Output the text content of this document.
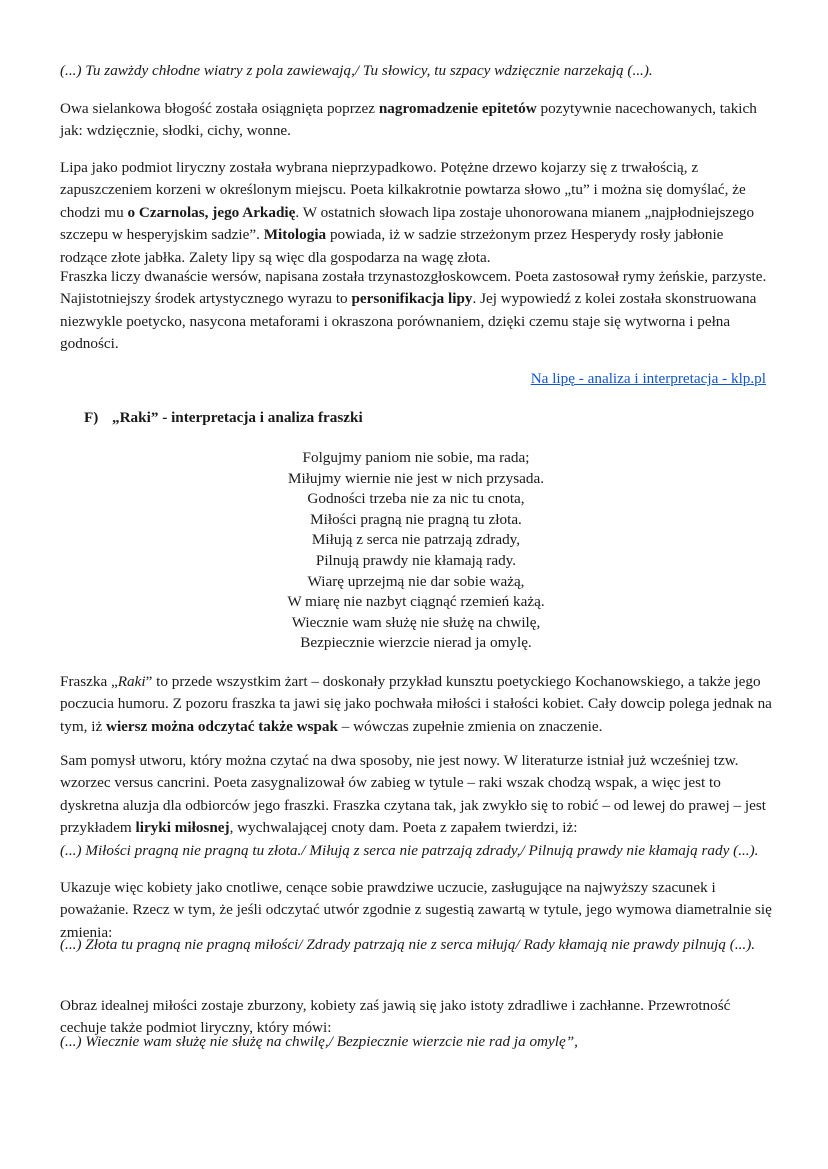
(...) Tu zawżdy chłodne wiatry z pola zawiewają,/ Tu słowicy, tu szpacy wdzięcznie narzekają (...).

Owa sielankowa błogość została osiągnięta poprzez nagromadzenie epitetów pozytywnie nacechowanych, takich jak: wdzięcznie, słodki, cichy, wonne.

Lipa jako podmiot liryczny została wybrana nieprzypadkowo. Potężne drzewo kojarzy się z trwałością, z zapuszczeniem korzeni w określonym miejscu. Poeta kilkakrotnie powtarza słowo „tu” i można się domyślać, że chodzi mu o Czarnolas, jego Arkadię. W ostatnich słowach lipa zostaje uhonorowana mianem „najpłodniejszego szczepu w hesperyjskim sadzie”. Mitologia powiada, iż w sadzie strzeżonym przez Hesperydy rosły jabłonie rodzące złote jabłka. Zalety lipy są więc dla gospodarza na wagę złota.

Fraszka liczy dwanaście wersów, napisana została trzynastozgłoskowcem. Poeta zastosował rymy żeńskie, parzyste. Najistotniejszy środek artystycznego wyrazu to personifikacja lipy. Jej wypowiedź z kolei została skonstruowana niezwykle poetycko, nasycona metaforami i okraszona porównaniem, dzięki czemu staje się wytworna i pełna godności.

Na lipę - analiza i interpretacja - klp.pl
F) „Raki” - interpretacja i analiza fraszki
Folgujmy paniom nie sobie, ma rada;
Miłujmy wiernie nie jest w nich przysada.
Godności trzeba nie za nic tu cnota,
Miłości pragną nie pragną tu złota.
Miłują z serca nie patrzają zdrady,
Pilnują prawdy nie kłamają rady.
Wiarę uprzejmą nie dar sobie ważą,
W miarę nie nazbyt ciągnąć rzemień każą.
Wiecznie wam służę nie służę na chwilę,
Bezpiecznie wierzcie nierad ja omylę.

Fraszka „Raki” to przede wszystkim żart – doskonały przykład kunsztu poetyckiego Kochanowskiego, a także jego poczucia humoru. Z pozoru fraszka ta jawi się jako pochwała miłości i stałości kobiet. Cały dowcip polega jednak na tym, iż wiersz można odczytać także wspak – wówczas zupełnie zmienia on znaczenie.

Sam pomysł utworu, który można czytać na dwa sposoby, nie jest nowy. W literaturze istniał już wcześniej tzw. wzorzec versus cancrini. Poeta zasygnalizował ów zabieg w tytule – raki wszak chodzą wspak, a więc jest to dyskretna aluzja dla odbiorców jego fraszki. Fraszka czytana tak, jak zwykło się to robić – od lewej do prawej – jest przykładem liryki miłosnej, wychwalającej cnoty dam. Poeta z zapałem twierdzi, iż:

(...) Miłości pragną nie pragną tu złota./ Miłują z serca nie patrzają zdrady,/ Pilnują prawdy nie kłamają rady (...).

Ukazuje więc kobiety jako cnotliwe, cenące sobie prawdziwe uczucie, zasługujące na najwyższy szacunek i poważanie. Rzecz w tym, że jeśli odczytać utwór zgodnie z sugestią zawartą w tytule, jego wymowa diametralnie się zmienia:

(...) Złota tu pragną nie pragną miłości/ Zdrady patrzają nie z serca miłują/ Rady kłamają nie prawdy pilnują (...).

Obraz idealnej miłości zostaje zburzony, kobiety zaś jawią się jako istoty zdradliwe i zachłanne. Przewrotność cechuje także podmiot liryczny, który mówi:

(...) Wiecznie wam służę nie służę na chwilę,/ Bezpiecznie wierzcie nie rad ja omylę”,
